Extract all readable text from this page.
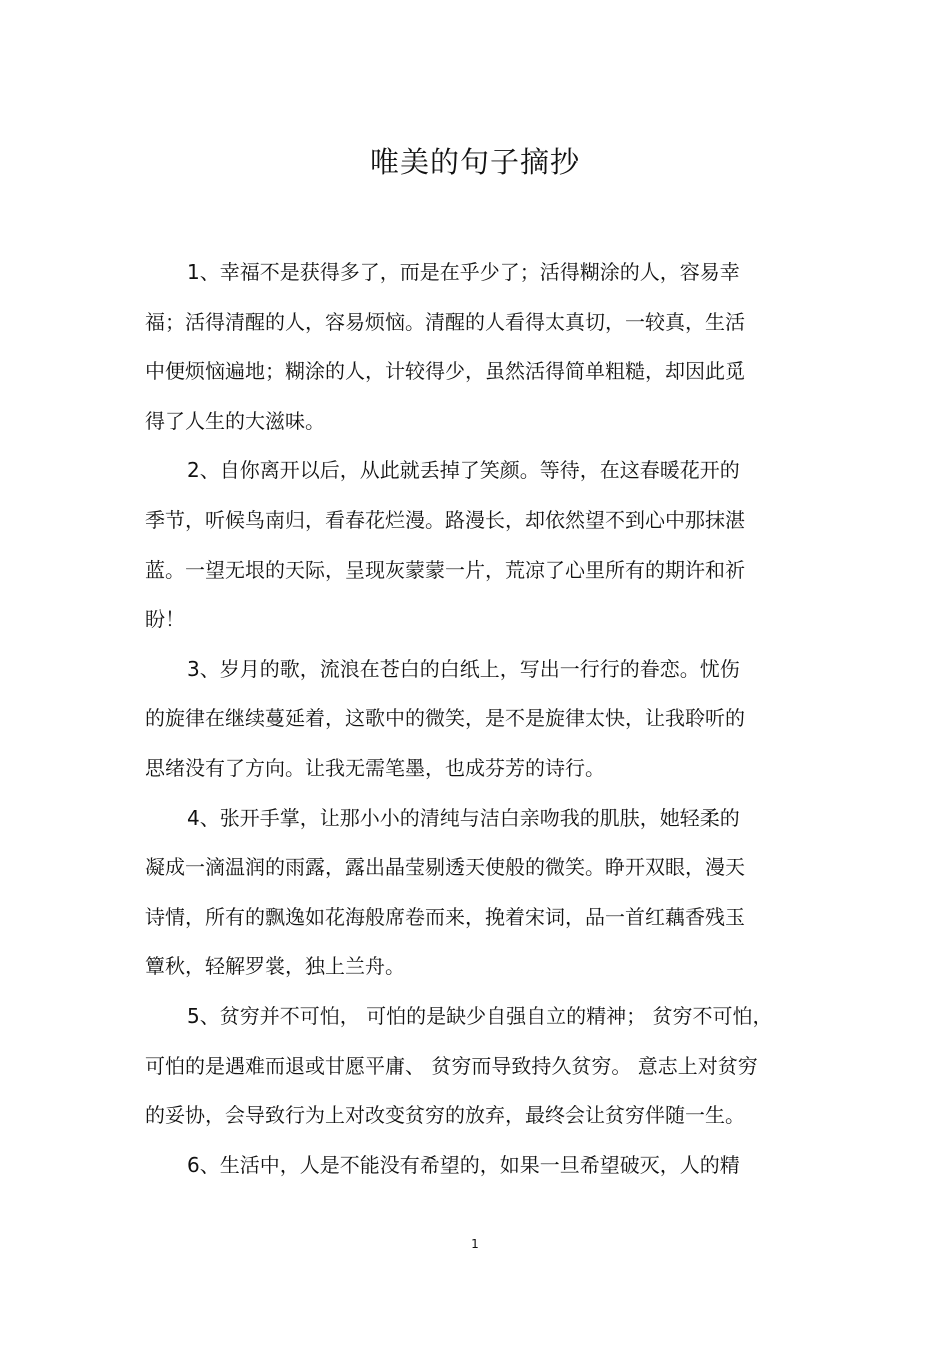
唯美的句子摘抄

1、幸福不是获得多了，而是在乎少了；活得糊涂的人，容易幸
福；活得清醒的人，容易烦恼。清醒的人看得太真切，一较真，生活
中便烦恼遍地；糊涂的人，计较得少，虽然活得简单粗糙，却因此觅
得了人生的大滋味。

2、自你离开以后，从此就丢掉了笑颜。等待，在这春暖花开的
季节，听候鸟南归，看春花烂漫。路漫长，却依然望不到心中那抹湛
蓝。一望无垠的天际，呈现灰蒙蒙一片，荒凉了心里所有的期许和祈
盼！

3、岁月的歌，流浪在苍白的白纸上，写出一行行的眷恋。忧伤
的旋律在继续蔓延着，这歌中的微笑，是不是旋律太快，让我聆听的
思绪没有了方向。让我无需笔墨，也成芬芳的诗行。

4、张开手掌，让那小小的清纯与洁白亲吻我的肌肤，她轻柔的
凝成一滴温润的雨露，露出晶莹剔透天使般的微笑。睁开双眼，漫天
诗情，所有的飘逸如花海般席卷而来，挽着宋词，品一首红藕香残玉
簟秋，轻解罗裳，独上兰舟。

5、贫穷并不可怕， 可怕的是缺少自强自立的精神； 贫穷不可怕，
可怕的是遇难而退或甘愿平庸、 贫穷而导致持久贫穷。 意志上对贫穷
的妥协，会导致行为上对改变贫穷的放弃，最终会让贫穷伴随一生。

6、生活中，人是不能没有希望的，如果一旦希望破灭，人的精

1
